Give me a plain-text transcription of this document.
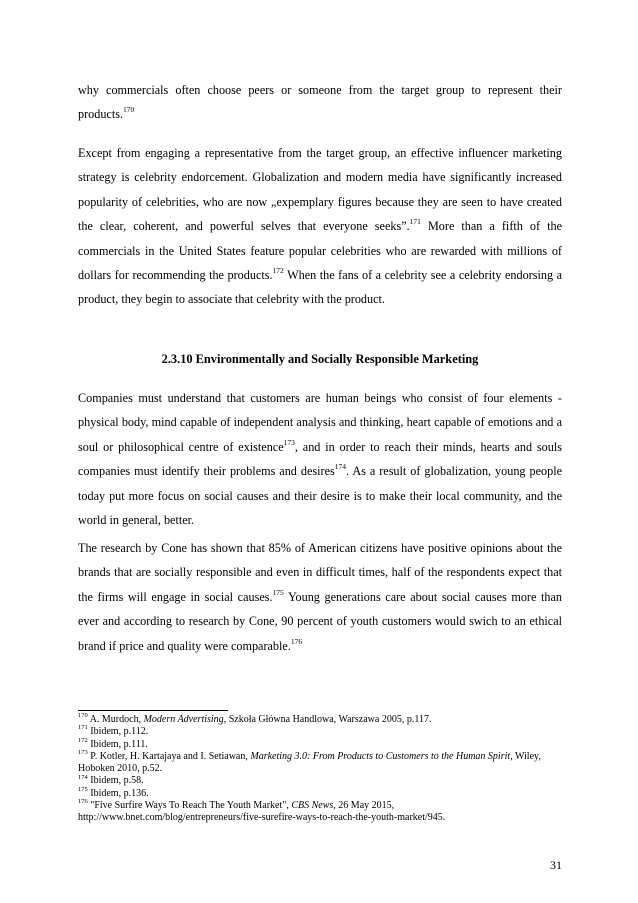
why commercials often choose peers or someone from the target group to represent their products.$^{170}$

Except from engaging a representative from the target group, an effective influencer marketing strategy is celebrity endorcement. Globalization and modern media have significantly increased popularity of celebrities, who are now „expemplary figures because they are seen to have created the clear, coherent, and powerful selves that everyone seeks”.$^{171}$ More than a fifth of the commercials in the United States feature popular celebrities who are rewarded with millions of dollars for recommending the products.$^{172}$ When the fans of a celebrity see a celebrity endorsing a product, they begin to associate that celebrity with the product.

2.3.10 Environmentally and Socially Responsible Marketing

Companies must understand that customers are human beings who consist of four elements - physical body, mind capable of independent analysis and thinking, heart capable of emotions and a soul or philosophical centre of existence$^{173}$, and in order to reach their minds, hearts and souls companies must identify their problems and desires$^{174}$. As a result of globalization, young people today put more focus on social causes and their desire is to make their local community, and the world in general, better.

The research by Cone has shown that 85% of American citizens have positive opinions about the brands that are socially responsible and even in difficult times, half of the respondents expect that the firms will engage in social causes.$^{175}$ Young generations care about social causes more than ever and according to research by Cone, 90 percent of youth customers would swich to an ethical brand if price and quality were comparable.$^{176}$

$^{170}$ A. Murdoch, Modern Advertising, Szkoła Główna Handlowa, Warszawa 2005, p.117.
$^{171}$ Ibidem, p.112.
$^{172}$ Ibidem, p.111.
$^{173}$ P. Kotler, H. Kartajaya and I. Setiawan, Marketing 3.0: From Products to Customers to the Human Spirit, Wiley, Hoboken 2010, p.52.
$^{174}$ Ibidem, p.58.
$^{175}$ Ibidem, p.136.
$^{176}$ "Five Surfire Ways To Reach The Youth Market", CBS News, 26 May 2015, http://www.bnet.com/blog/entrepreneurs/five-surefire-ways-to-reach-the-youth-market/945.
31
